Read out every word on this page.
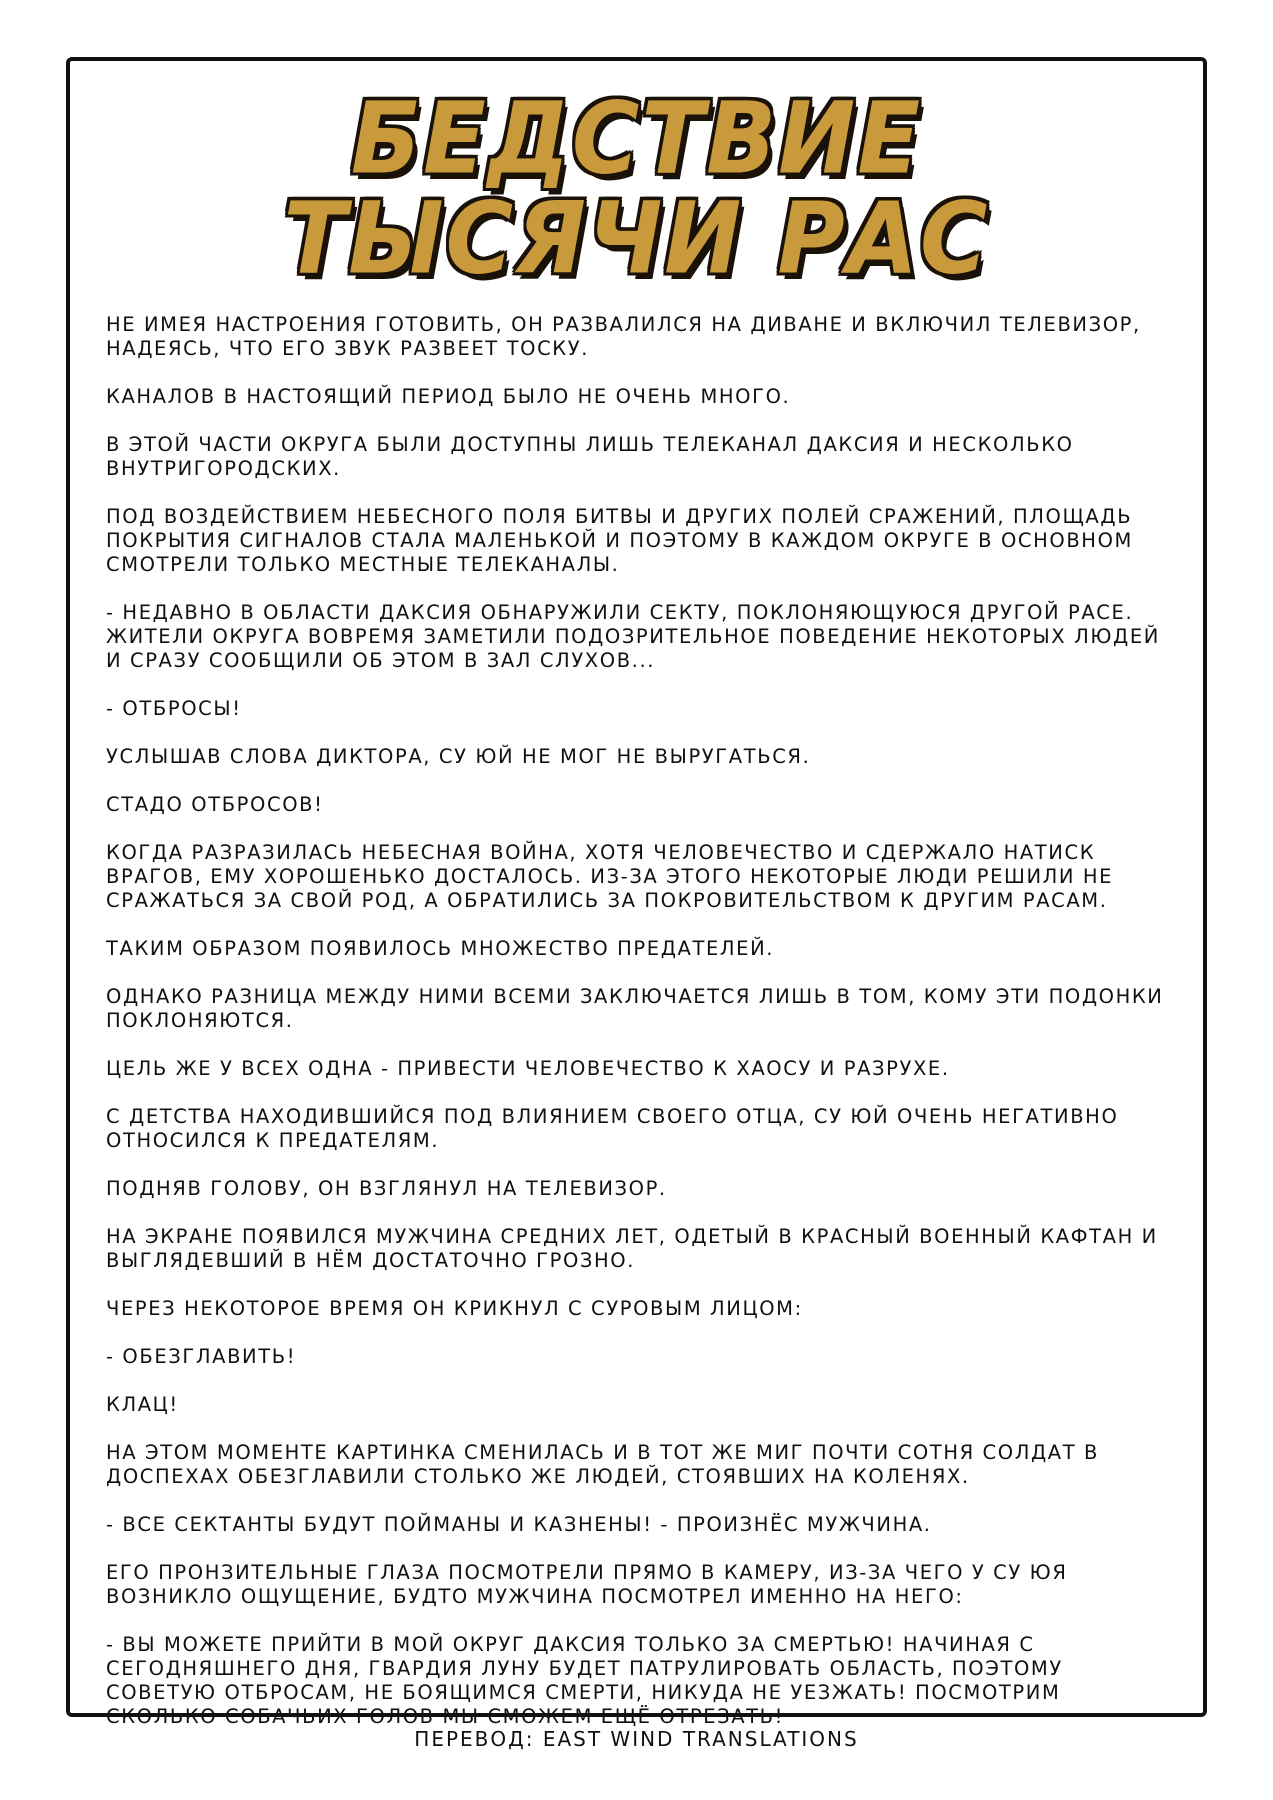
БЕДСТВИЕ
ТЫСЯЧИ РАС

НЕ ИМЕЯ НАСТРОЕНИЯ ГОТОВИТЬ, ОН РАЗВАЛИЛСЯ НА ДИВАНЕ И ВКЛЮЧИЛ ТЕЛЕВИЗОР, НАДЕЯСЬ, ЧТО ЕГО ЗВУК РАЗВЕЕТ ТОСКУ.

КАНАЛОВ В НАСТОЯЩИЙ ПЕРИОД БЫЛО НЕ ОЧЕНЬ МНОГО.

В ЭТОЙ ЧАСТИ ОКРУГА БЫЛИ ДОСТУПНЫ ЛИШЬ ТЕЛЕКАНАЛ ДАКСИЯ И НЕСКОЛЬКО ВНУТРИГОРОДСКИХ.

ПОД ВОЗДЕЙСТВИЕМ НЕБЕСНОГО ПОЛЯ БИТВЫ И ДРУГИХ ПОЛЕЙ СРАЖЕНИЙ, ПЛОЩАДЬ ПОКРЫТИЯ СИГНАЛОВ СТАЛА МАЛЕНЬКОЙ И ПОЭТОМУ В КАЖДОМ ОКРУГЕ В ОСНОВНОМ СМОТРЕЛИ ТОЛЬКО МЕСТНЫЕ ТЕЛЕКАНАЛЫ.

- НЕДАВНО В ОБЛАСТИ ДАКСИЯ ОБНАРУЖИЛИ СЕКТУ, ПОКЛОНЯЮЩУЮСЯ ДРУГОЙ РАСЕ. ЖИТЕЛИ ОКРУГА ВОВРЕМЯ ЗАМЕТИЛИ ПОДОЗРИТЕЛЬНОЕ ПОВЕДЕНИЕ НЕКОТОРЫХ ЛЮДЕЙ И СРАЗУ СООБЩИЛИ ОБ ЭТОМ В ЗАЛ СЛУХОВ...

- ОТБРОСЫ!

УСЛЫШАВ СЛОВА ДИКТОРА, СУ ЮЙ НЕ МОГ НЕ ВЫРУГАТЬСЯ.

СТАДО ОТБРОСОВ!

КОГДА РАЗРАЗИЛАСЬ НЕБЕСНАЯ ВОЙНА, ХОТЯ ЧЕЛОВЕЧЕСТВО И СДЕРЖАЛО НАТИСК ВРАГОВ, ЕМУ ХОРОШЕНЬКО ДОСТАЛОСЬ. ИЗ-ЗА ЭТОГО НЕКОТОРЫЕ ЛЮДИ РЕШИЛИ НЕ СРАЖАТЬСЯ ЗА СВОЙ РОД, А ОБРАТИЛИСЬ ЗА ПОКРОВИТЕЛЬСТВОМ К ДРУГИМ РАСАМ.

ТАКИМ ОБРАЗОМ ПОЯВИЛОСЬ МНОЖЕСТВО ПРЕДАТЕЛЕЙ.

ОДНАКО РАЗНИЦА МЕЖДУ НИМИ ВСЕМИ ЗАКЛЮЧАЕТСЯ ЛИШЬ В ТОМ, КОМУ ЭТИ ПОДОНКИ ПОКЛОНЯЮТСЯ.

ЦЕЛЬ ЖЕ У ВСЕХ ОДНА - ПРИВЕСТИ ЧЕЛОВЕЧЕСТВО К ХАОСУ И РАЗРУХЕ.

С ДЕТСТВА НАХОДИВШИЙСЯ ПОД ВЛИЯНИЕМ СВОЕГО ОТЦА, СУ ЮЙ ОЧЕНЬ НЕГАТИВНО ОТНОСИЛСЯ К ПРЕДАТЕЛЯМ.

ПОДНЯВ ГОЛОВУ, ОН ВЗГЛЯНУЛ НА ТЕЛЕВИЗОР.

НА ЭКРАНЕ ПОЯВИЛСЯ МУЖЧИНА СРЕДНИХ ЛЕТ, ОДЕТЫЙ В КРАСНЫЙ ВОЕННЫЙ КАФТАН И ВЫГЛЯДЕВШИЙ В НЁМ ДОСТАТОЧНО ГРОЗНО.

ЧЕРЕЗ НЕКОТОРОЕ ВРЕМЯ ОН КРИКНУЛ С СУРОВЫМ ЛИЦОМ:

- ОБЕЗГЛАВИТЬ!

КЛАЦ!

НА ЭТОМ МОМЕНТЕ КАРТИНКА СМЕНИЛАСЬ И В ТОТ ЖЕ МИГ ПОЧТИ СОТНЯ СОЛДАТ В ДОСПЕХАХ ОБЕЗГЛАВИЛИ СТОЛЬКО ЖЕ ЛЮДЕЙ, СТОЯВШИХ НА КОЛЕНЯХ.

- ВСЕ СЕКТАНТЫ БУДУТ ПОЙМАНЫ И КАЗНЕНЫ! - ПРОИЗНЁС МУЖЧИНА.

ЕГО ПРОНЗИТЕЛЬНЫЕ ГЛАЗА ПОСМОТРЕЛИ ПРЯМО В КАМЕРУ, ИЗ-ЗА ЧЕГО У СУ ЮЯ ВОЗНИКЛО ОЩУЩЕНИЕ, БУДТО МУЖЧИНА ПОСМОТРЕЛ ИМЕННО НА НЕГО:

- ВЫ МОЖЕТЕ ПРИЙТИ В МОЙ ОКРУГ ДАКСИЯ ТОЛЬКО ЗА СМЕРТЬЮ! НАЧИНАЯ С СЕГОДНЯШНЕГО ДНЯ, ГВАРДИЯ ЛУНУ БУДЕТ ПАТРУЛИРОВАТЬ ОБЛАСТЬ, ПОЭТОМУ СОВЕТУЮ ОТБРОСАМ, НЕ БОЯЩИМСЯ СМЕРТИ, НИКУДА НЕ УЕЗЖАТЬ! ПОСМОТРИМ СКОЛЬКО СОБАЧЬИХ ГОЛОВ МЫ СМОЖЕМ ЕЩЁ ОТРЕЗАТЬ!

ПЕРЕВОД: EAST WIND TRANSLATIONS
